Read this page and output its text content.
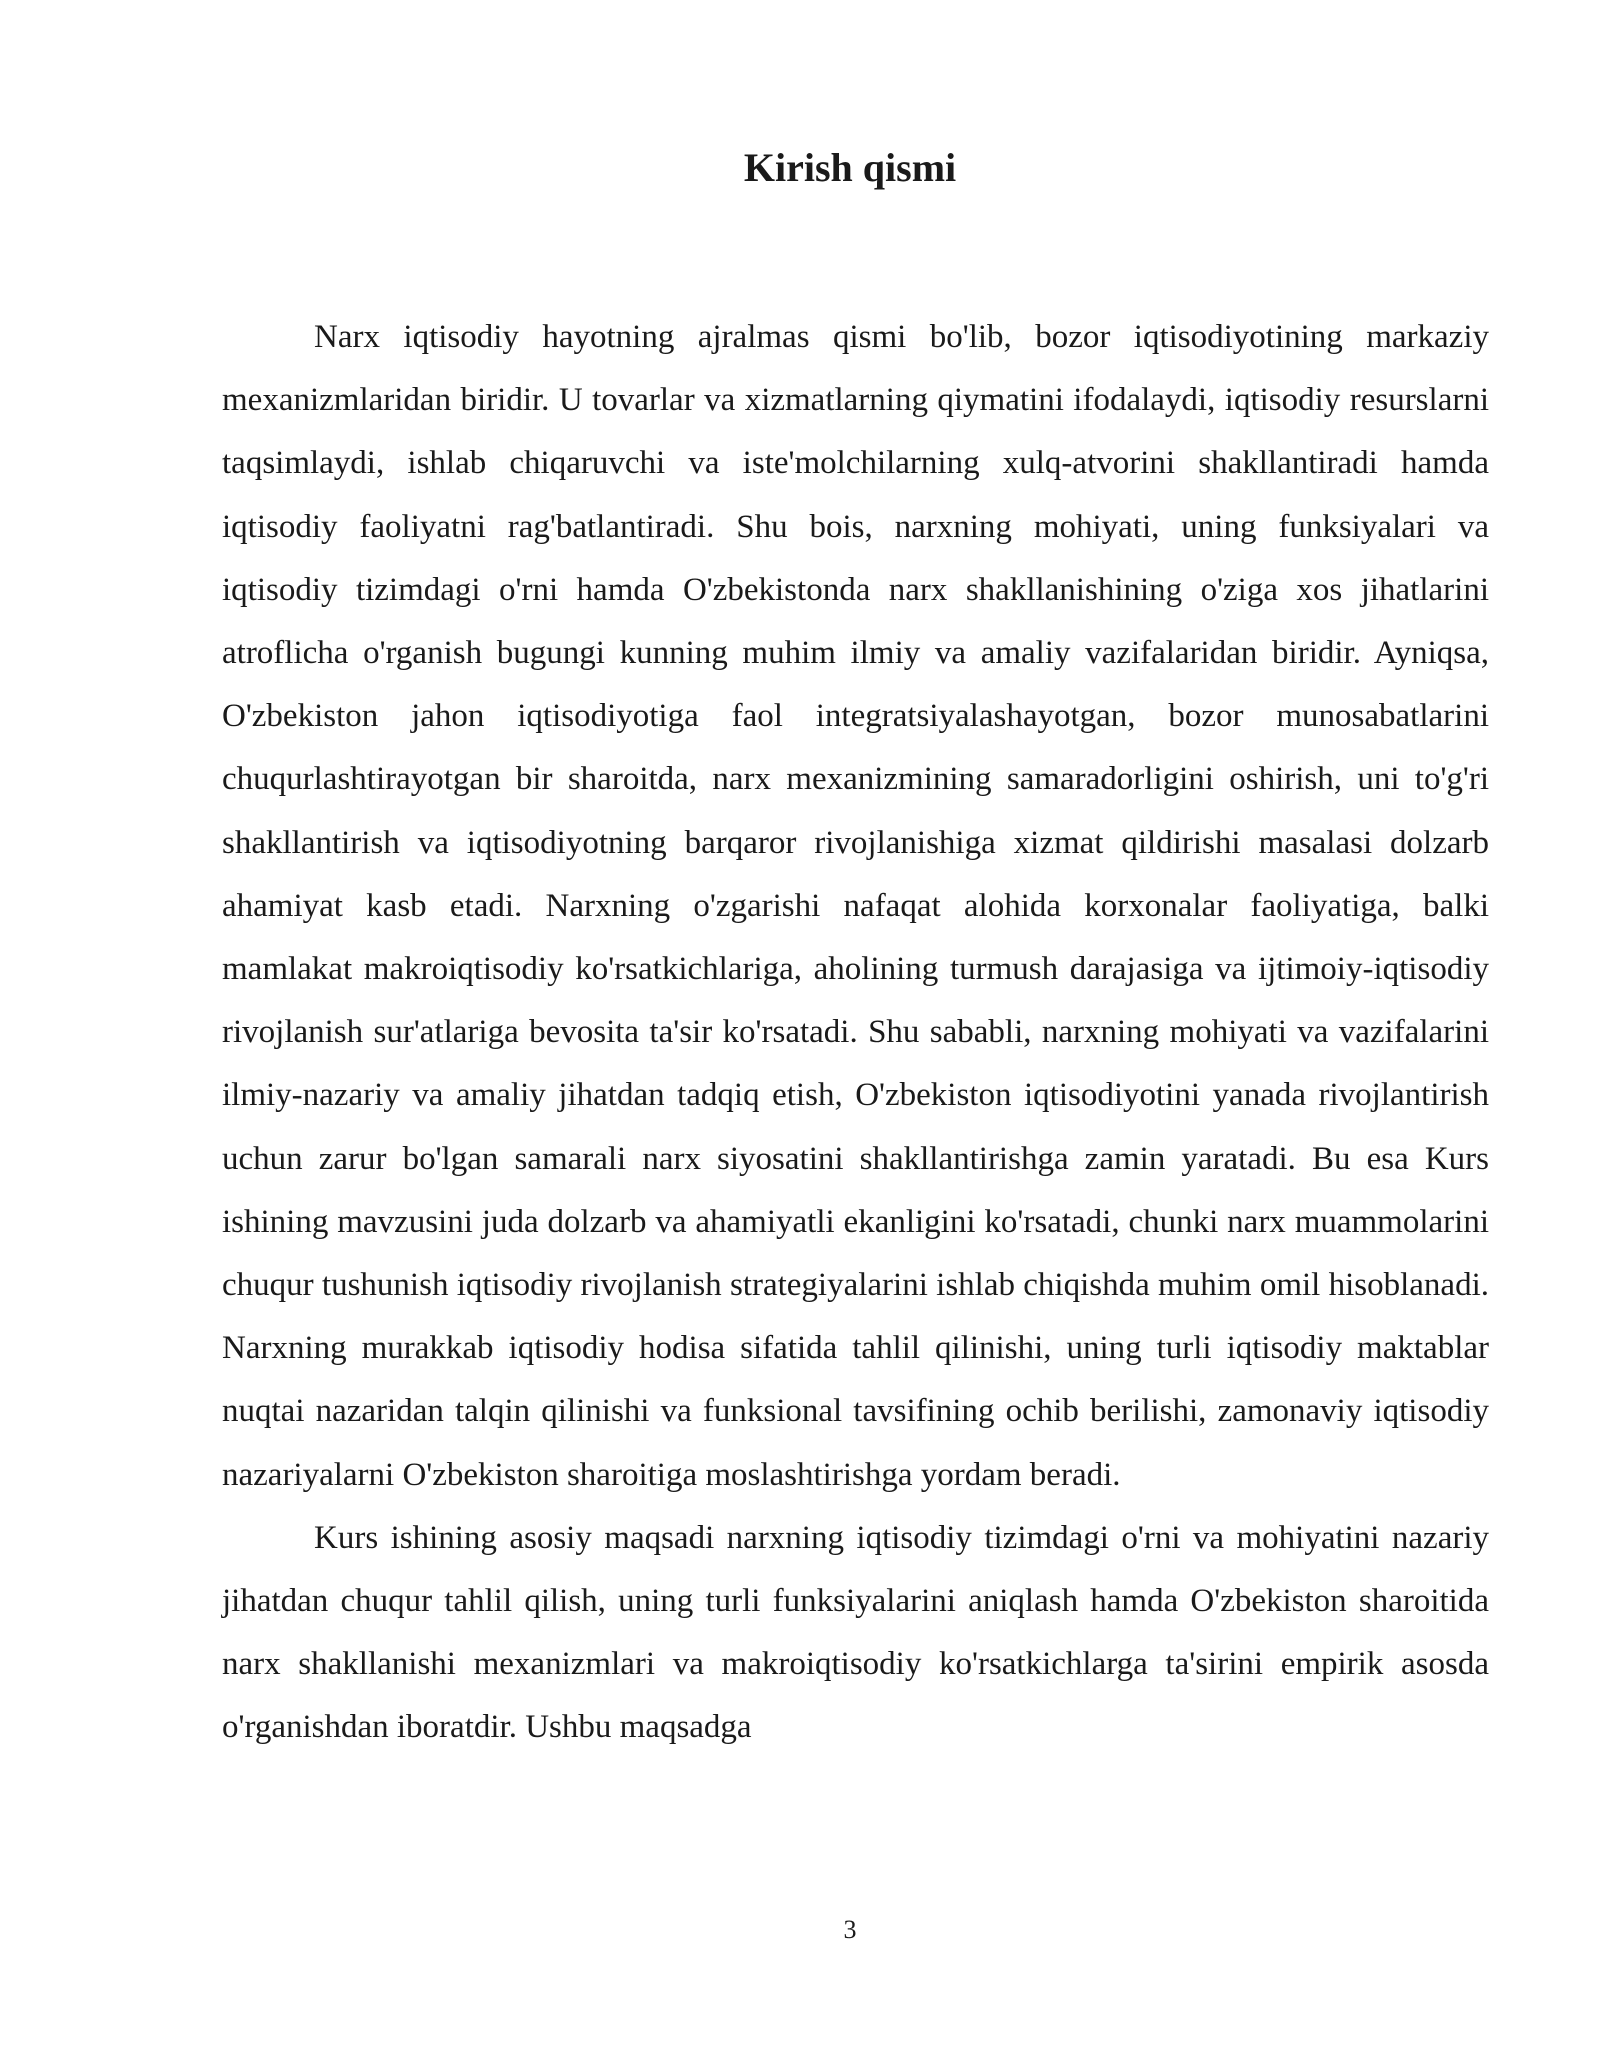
Kirish qismi

Narx iqtisodiy hayotning ajralmas qismi bo'lib, bozor iqtisodiyotining markaziy mexanizmlaridan biridir. U tovarlar va xizmatlarning qiymatini ifodalaydi, iqtisodiy resurslarni taqsimlaydi, ishlab chiqaruvchi va iste'molchilarning xulq-atvorini shakllantiradi hamda iqtisodiy faoliyatni rag'batlantiradi. Shu bois, narxning mohiyati, uning funksiyalari va iqtisodiy tizimdagi o'rni hamda O'zbekistonda narx shakllanishining o'ziga xos jihatlarini atroflicha o'rganish bugungi kunning muhim ilmiy va amaliy vazifalaridan biridir. Ayniqsa, O'zbekiston jahon iqtisodiyotiga faol integratsiyalashayotgan, bozor munosabatlarini chuqurlashtirayotgan bir sharoitda, narx mexanizmining samaradorligini oshirish, uni to'g'ri shakllantirish va iqtisodiyotning barqaror rivojlanishiga xizmat qildirishi masalasi dolzarb ahamiyat kasb etadi. Narxning o'zgarishi nafaqat alohida korxonalar faoliyatiga, balki mamlakat makroiqtisodiy ko'rsatkichlariga, aholining turmush darajasiga va ijtimoiy-iqtisodiy rivojlanish sur'atlariga bevosita ta'sir ko'rsatadi. Shu sababli, narxning mohiyati va vazifalarini ilmiy-nazariy va amaliy jihatdan tadqiq etish, O'zbekiston iqtisodiyotini yanada rivojlantirish uchun zarur bo'lgan samarali narx siyosatini shakllantirishga zamin yaratadi. Bu esa Kurs ishining mavzusini juda dolzarb va ahamiyatli ekanligini ko'rsatadi, chunki narx muammolarini chuqur tushunish iqtisodiy rivojlanish strategiyalarini ishlab chiqishda muhim omil hisoblanadi. Narxning murakkab iqtisodiy hodisa sifatida tahlil qilinishi, uning turli iqtisodiy maktablar nuqtai nazaridan talqin qilinishi va funksional tavsifining ochib berilishi, zamonaviy iqtisodiy nazariyalarni O'zbekiston sharoitiga moslashtirishga yordam beradi.

Kurs ishining asosiy maqsadi narxning iqtisodiy tizimdagi o'rni va mohiyatini nazariy jihatdan chuqur tahlil qilish, uning turli funksiyalarini aniqlash hamda O'zbekiston sharoitida narx shakllanishi mexanizmlari va makroiqtisodiy ko'rsatkichlarga ta'sirini empirik asosda o'rganishdan iboratdir. Ushbu maqsadga

3
